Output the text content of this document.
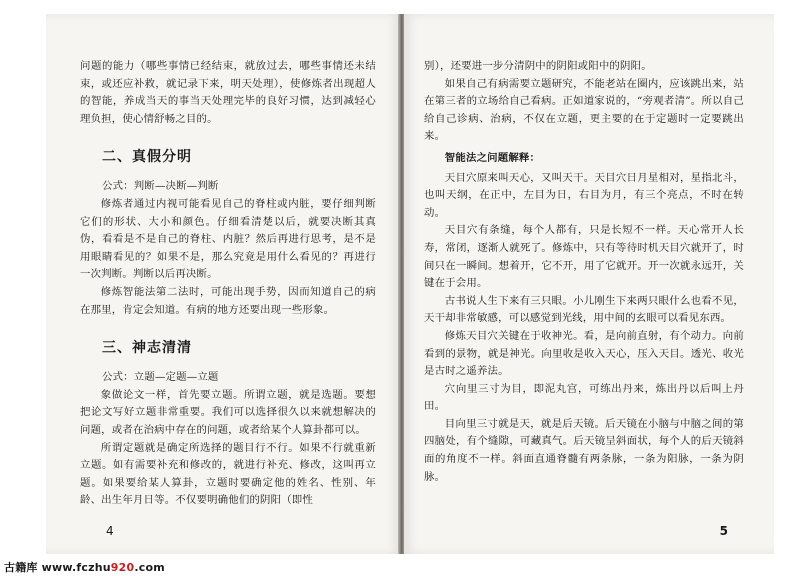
问题的能力（哪些事情已经结束，就放过去，哪些事情还未结束，或还应补救，就记录下来，明天处理），使修炼者出现超人的智能，养成当天的事当天处理完毕的良好习惯，达到减轻心理负担，使心情舒畅之目的。

二、真假分明

公式：判断—决断—判断

修炼者通过内视可能看见自己的脊柱或内脏，要仔细判断它们的形状、大小和颜色。仔细看清楚以后，就要决断其真伪，看看是不是自己的脊柱、内脏？然后再进行思考，是不是用眼睛看见的？如果不是，那么究竟是用什么看见的？再进行一次判断。判断以后再决断。

修炼智能法第二法时，可能出现手势，因而知道自己的病在那里，肯定会知道。有病的地方还要出现一些形象。

三、神志清清

公式：立题—定题—立题

象做论文一样，首先要立题。所谓立题，就是选题。要想把论文写好立题非常重要。我们可以选择很久以来就想解决的问题，或者在治病中存在的问题，或者给某个人算卦都可以。

所谓定题就是确定所选择的题目行不行。如果不行就重新立题。如有需要补充和修改的，就进行补充、修改，这叫再立题。如果要给某人算卦，立题时要确定他的姓名、性别、年龄、出生年月日等。不仅要明确他们的阴阳（即性

4

别），还要进一步分清阴中的阴阳或阳中的阴阳。

如果自己有病需要立题研究，不能老站在圈内，应该跳出来，站在第三者的立场给自己看病。正如道家说的，“旁观者清”。所以自己给自己诊病、治病，不仅在立题，更主要的在于定题时一定要跳出来。

智能法之问题解释：

天目穴原来叫天心，又叫天干。天目穴日月星相对，星指北斗，也叫天纲，在正中，左目为日，右目为月，有三个亮点，不时在转动。

天目穴有条缝，每个人都有，只是长短不一样。天心常开人长寿，常闭，逐渐人就死了。修炼中，只有等待时机天目穴就开了，时间只在一瞬间。想着开，它不开，用了它就开。开一次就永远开，关键在于会用。

古书说人生下来有三只眼。小儿刚生下来两只眼什么也看不见，天干却非常敏感，可以感觉到光线，用中间的玄眼可以看见东西。

修炼天目穴关键在于收神光。看，是向前直射，有个动力。向前看到的景物，就是神光。向里收是收入天心，压入天目。透光、收光是古时之遥养法。

穴向里三寸为目，即泥丸宫，可练出丹来，炼出丹以后叫上丹田。

目向里三寸就是天，就是后天镜。后天镜在小脑与中脑之间的第四脑处，有个缝隙，可藏真气。后天镜呈斜面状，每个人的后天镜斜面的角度不一样。斜面直通脊髓有两条脉，一条为阳脉，一条为阴脉。

5
古籍库 www.fczhu920.com
